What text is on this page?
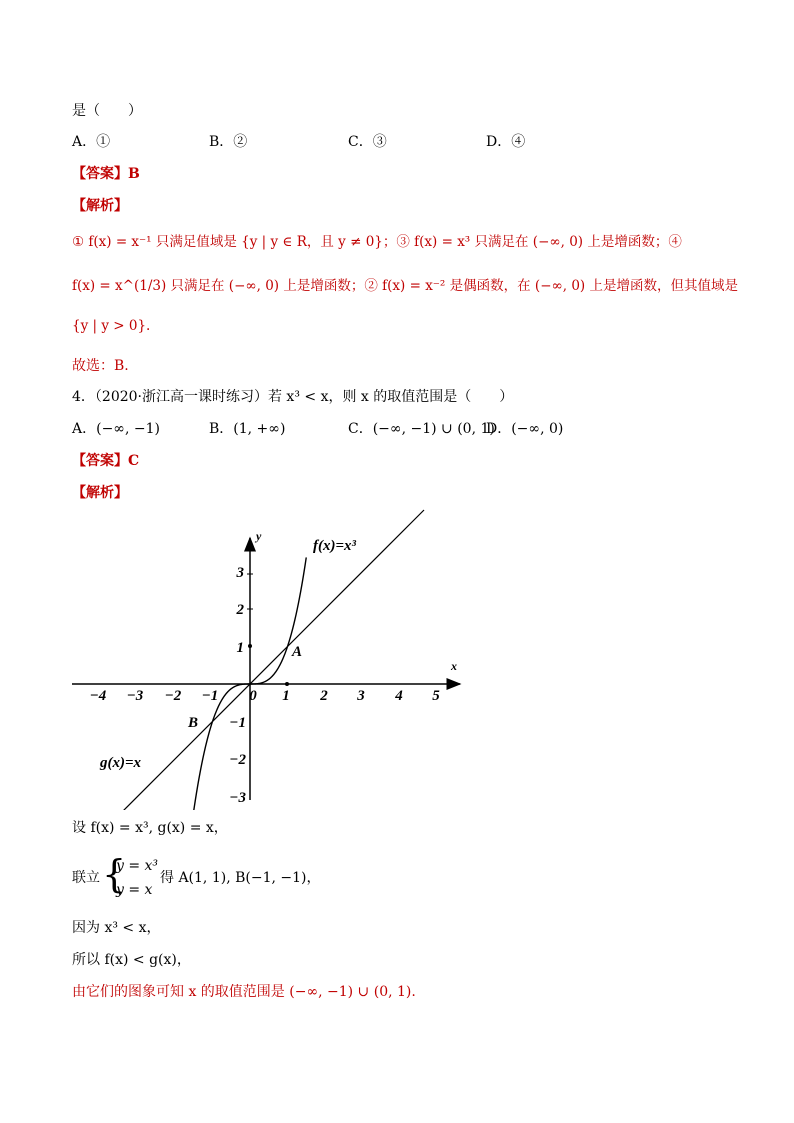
是（　　）
A．①	B．②	C．③	D．④
【答案】B
【解析】
① f(x) = x⁻¹ 只满足值域是 {y | y ∈ R，且 y ≠ 0}；③ f(x) = x³ 只满足在 (−∞, 0) 上是增函数；④
f(x) = x^(1/3) 只满足在 (−∞, 0) 上是增函数；② f(x) = x⁻² 是偶函数，在 (−∞, 0) 上是增函数，但其值域是
{y | y > 0}.
故选：B.
4．（2020·浙江高一课时练习）若 x³ < x，则 x 的取值范围是（　　）
A．(−∞, −1)	B．(1, +∞)	C．(−∞, −1) ∪ (0, 1)
D．(−∞, 0)
【答案】C
【解析】
x
y
−4 −3 −2 −1 0 1 2 3 4 5
3
2
1
−1
−2
−3
f(x)=x³
g(x)=x
A
B
设 f(x) = x³, g(x) = x，
联立 {
y = x³
y = x
得 A(1, 1), B(−1, −1)，
因为 x³ < x，
所以 f(x) < g(x)，
由它们的图象可知 x 的取值范围是 (−∞, −1) ∪ (0, 1).
